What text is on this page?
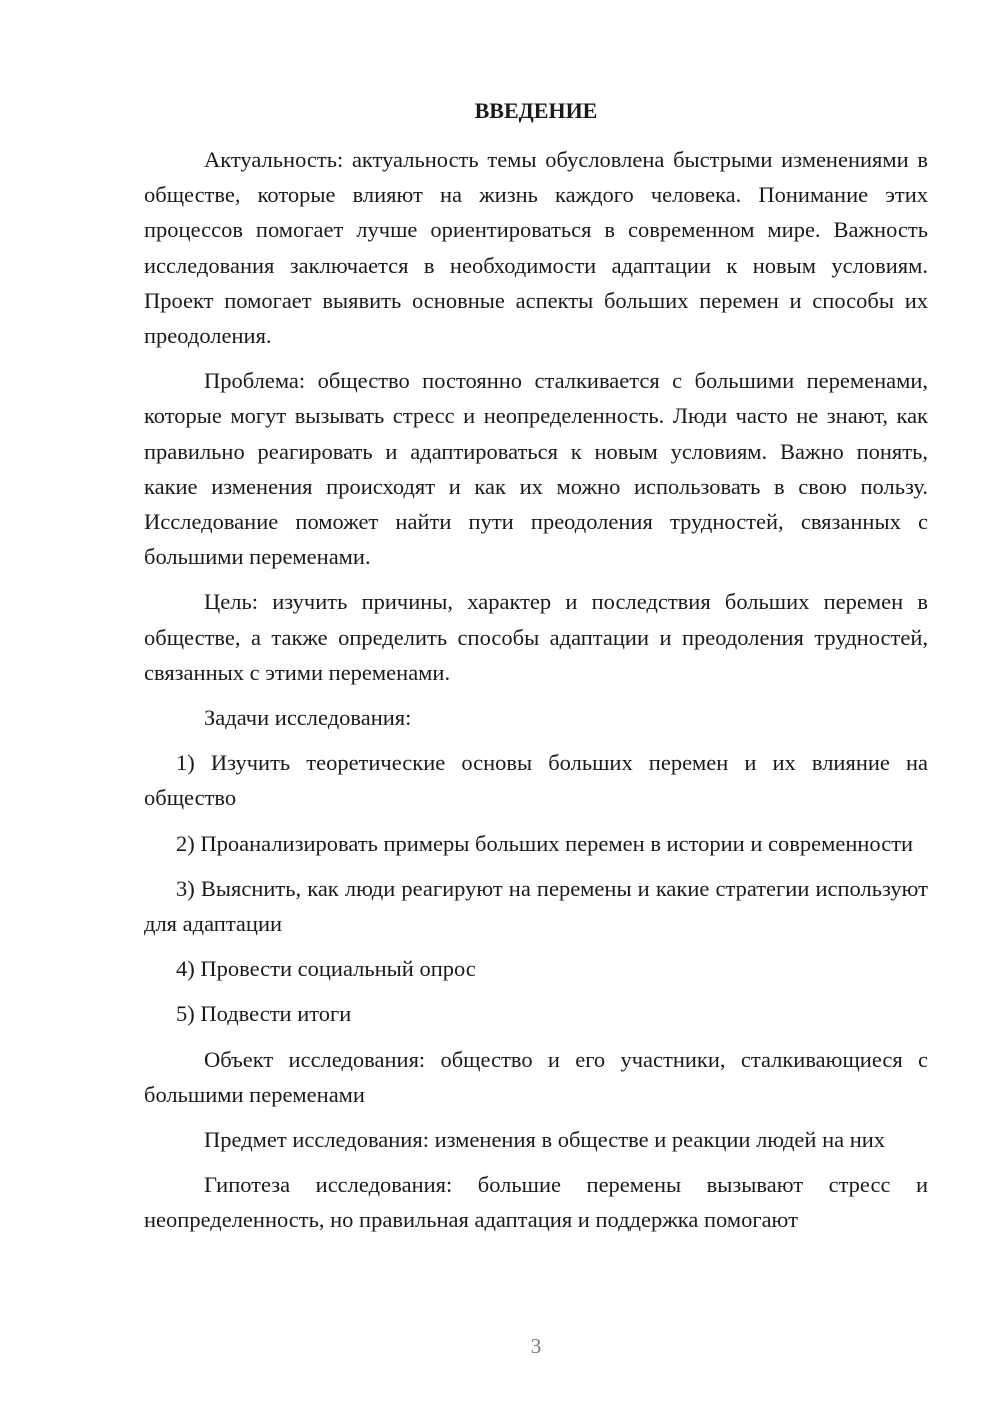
ВВЕДЕНИЕ

Актуальность: актуальность темы обусловлена быстрыми изменениями в обществе, которые влияют на жизнь каждого человека. Понимание этих процессов помогает лучше ориентироваться в современном мире. Важность исследования заключается в необходимости адаптации к новым условиям. Проект помогает выявить основные аспекты больших перемен и способы их преодоления.

Проблема: общество постоянно сталкивается с большими переменами, которые могут вызывать стресс и неопределенность. Люди часто не знают, как правильно реагировать и адаптироваться к новым условиям. Важно понять, какие изменения происходят и как их можно использовать в свою пользу. Исследование поможет найти пути преодоления трудностей, связанных с большими переменами.

Цель: изучить причины, характер и последствия больших перемен в обществе, а также определить способы адаптации и преодоления трудностей, связанных с этими переменами.

Задачи исследования:

1) Изучить теоретические основы больших перемен и их влияние на общество

2) Проанализировать примеры больших перемен в истории и современности

3) Выяснить, как люди реагируют на перемены и какие стратегии используют для адаптации

4) Провести социальный опрос

5) Подвести итоги

Объект исследования: общество и его участники, сталкивающиеся с большими переменами

Предмет исследования: изменения в обществе и реакции людей на них

Гипотеза исследования: большие перемены вызывают стресс и неопределенность, но правильная адаптация и поддержка помогают

3
